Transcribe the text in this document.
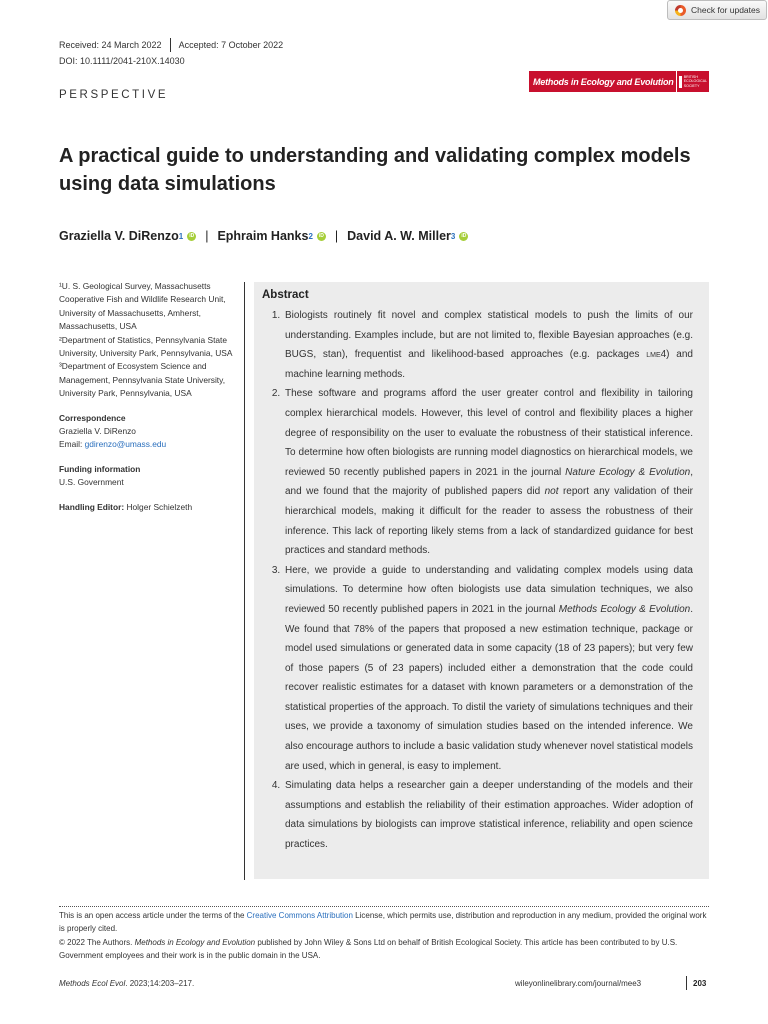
Check for updates
Received: 24 March 2022 Accepted: 7 October 2022
DOI: 10.1111/2041-210X.14030
Methods in Ecology and Evolution	BRITISH ECOLOGICAL SOCIETY
PERSPECTIVE
A practical guide to understanding and validating complex models using data simulations
Graziella V. DiRenzo 1	iD | Ephraim Hanks 2	iD | David A. W. Miller 3	iD
¹U. S. Geological Survey, Massachusetts Cooperative Fish and Wildlife Research Unit, University of Massachusetts, Amherst, Massachusetts, USA
²Department of Statistics, Pennsylvania State University, University Park, Pennsylvania, USA
³Department of Ecosystem Science and Management, Pennsylvania State University, University Park, Pennsylvania, USA
Correspondence
Graziella V. DiRenzo
Email: gdirenzo@umass.edu
Funding information
U.S. Government
Handling Editor: Holger Schielzeth
Abstract
1. Biologists routinely fit novel and complex statistical models to push the limits of our understanding. Examples include, but are not limited to, flexible Bayesian approaches (e.g. BUGS, stan), frequentist and likelihood-based approaches (e.g. packages lme4) and machine learning methods.
2. These software and programs afford the user greater control and flexibility in tailoring complex hierarchical models. However, this level of control and flexibility places a higher degree of responsibility on the user to evaluate the robustness of their statistical inference. To determine how often biologists are running model diagnostics on hierarchical models, we reviewed 50 recently published papers in 2021 in the journal Nature Ecology & Evolution, and we found that the majority of published papers did not report any validation of their hierarchical models, making it difficult for the reader to assess the robustness of their inference. This lack of reporting likely stems from a lack of standardized guidance for best practices and standard methods.
3. Here, we provide a guide to understanding and validating complex models using data simulations. To determine how often biologists use data simulation techniques, we also reviewed 50 recently published papers in 2021 in the journal Methods Ecology & Evolution. We found that 78% of the papers that proposed a new estimation technique, package or model used simulations or generated data in some capacity (18 of 23 papers); but very few of those papers (5 of 23 papers) included either a demonstration that the code could recover realistic estimates for a dataset with known parameters or a demonstration of the statistical properties of the approach. To distil the variety of simulations techniques and their uses, we provide a taxonomy of simulation studies based on the intended inference. We also encourage authors to include a basic validation study whenever novel statistical models are used, which in general, is easy to implement.
4. Simulating data helps a researcher gain a deeper understanding of the models and their assumptions and establish the reliability of their estimation approaches. Wider adoption of data simulations by biologists can improve statistical inference, reliability and open science practices.
This is an open access article under the terms of the Creative Commons Attribution License, which permits use, distribution and reproduction in any medium, provided the original work is properly cited.
© 2022 The Authors. Methods in Ecology and Evolution published by John Wiley & Sons Ltd on behalf of British Ecological Society. This article has been contributed to by U.S. Government employees and their work is in the public domain in the USA.
Methods Ecol Evol. 2023;14:203–217.	wileyonlinelibrary.com/journal/mee3	203
